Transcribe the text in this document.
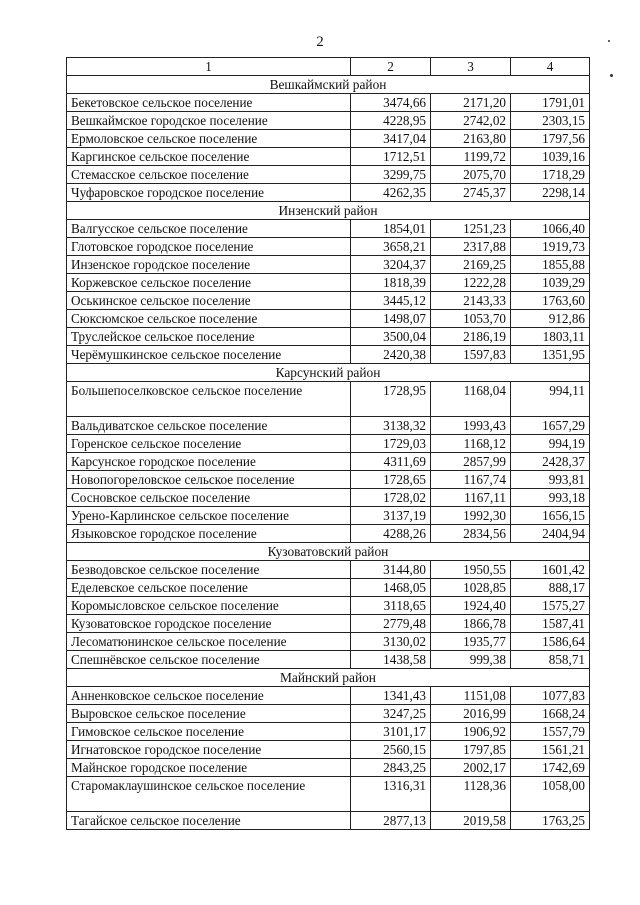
2
1	2	3	4
Вешкаймский район			
Бекетовское сельское поселение	3474,66	2171,20	1791,01
Вешкаймское городское поселение	4228,95	2742,02	2303,15
Ермоловское сельское поселение	3417,04	2163,80	1797,56
Каргинское сельское поселение	1712,51	1199,72	1039,16
Стемасское сельское поселение	3299,75	2075,70	1718,29
Чуфаровское городское поселение	4262,35	2745,37	2298,14
Инзенский район			
Валгусское сельское поселение	1854,01	1251,23	1066,40
Глотовское городское поселение	3658,21	2317,88	1919,73
Инзенское городское поселение	3204,37	2169,25	1855,88
Коржевское сельское поселение	1818,39	1222,28	1039,29
Оськинское сельское поселение	3445,12	2143,33	1763,60
Сюксюмское сельское поселение	1498,07	1053,70	912,86
Труслейское сельское поселение	3500,04	2186,19	1803,11
Черёмушкинское сельское поселение	2420,38	1597,83	1351,95
Карсунский район			
Большепоселковское сельское поселение	1728,95	1168,04	994,11
Вальдиватское сельское поселение	3138,32	1993,43	1657,29
Горенское сельское поселение	1729,03	1168,12	994,19
Карсунское городское поселение	4311,69	2857,99	2428,37
Новопогореловское сельское поселение	1728,65	1167,74	993,81
Сосновское сельское поселение	1728,02	1167,11	993,18
Урено-Карлинское сельское поселение	3137,19	1992,30	1656,15
Языковское городское поселение	4288,26	2834,56	2404,94
Кузоватовский район			
Безводовское сельское поселение	3144,80	1950,55	1601,42
Еделевское сельское поселение	1468,05	1028,85	888,17
Коромысловское сельское поселение	3118,65	1924,40	1575,27
Кузоватовское городское поселение	2779,48	1866,78	1587,41
Лесоматюнинское сельское поселение	3130,02	1935,77	1586,64
Спешнёвское сельское поселение	1438,58	999,38	858,71
Майнский район			
Анненковское сельское поселение	1341,43	1151,08	1077,83
Выровское сельское поселение	3247,25	2016,99	1668,24
Гимовское сельское поселение	3101,17	1906,92	1557,79
Игнатовское городское поселение	2560,15	1797,85	1561,21
Майнское городское поселение	2843,25	2002,17	1742,69
Старомаклаушинское сельское поселение	1316,31	1128,36	1058,00
Тагайское сельское поселение	2877,13	2019,58	1763,25
